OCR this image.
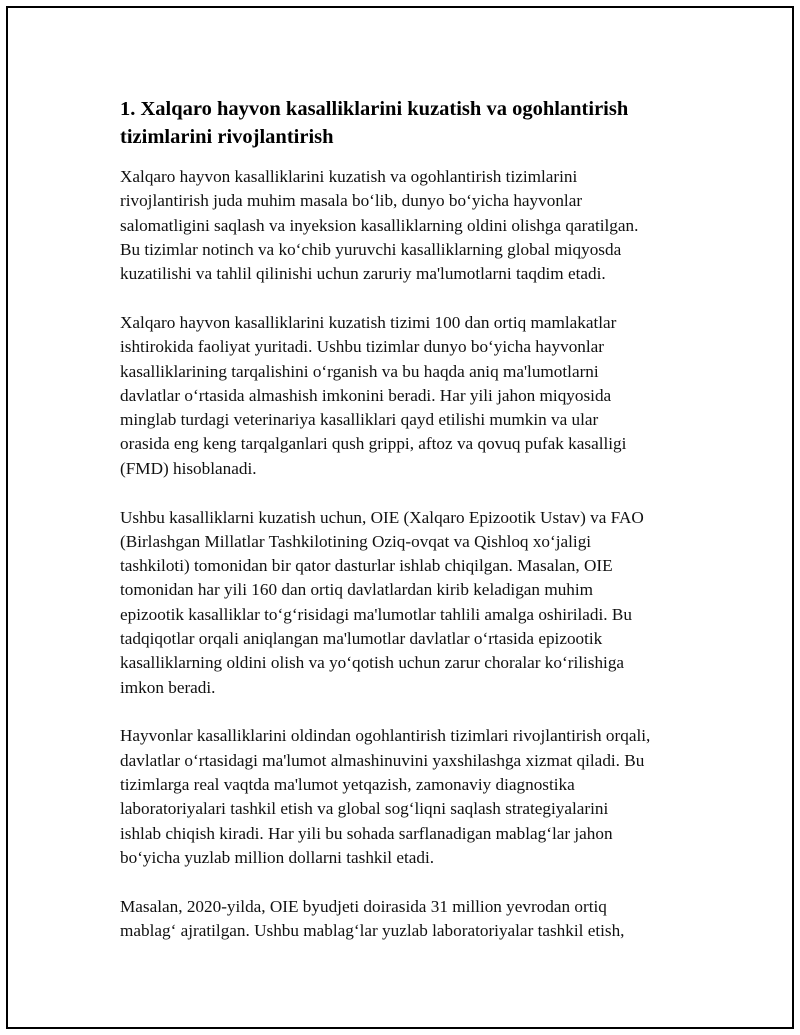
1. Xalqaro hayvon kasalliklarini kuzatish va ogohlantirish
tizimlarini rivojlantirish

Xalqaro hayvon kasalliklarini kuzatish va ogohlantirish tizimlarini
rivojlantirish juda muhim masala bo‘lib, dunyo bo‘yicha hayvonlar
salomatligini saqlash va inyeksion kasalliklarning oldini olishga qaratilgan.
Bu tizimlar notinch va ko‘chib yuruvchi kasalliklarning global miqyosda
kuzatilishi va tahlil qilinishi uchun zaruriy ma'lumotlarni taqdim etadi.

Xalqaro hayvon kasalliklarini kuzatish tizimi 100 dan ortiq mamlakatlar
ishtirokida faoliyat yuritadi. Ushbu tizimlar dunyo bo‘yicha hayvonlar
kasalliklarining tarqalishini o‘rganish va bu haqda aniq ma'lumotlarni
davlatlar o‘rtasida almashish imkonini beradi. Har yili jahon miqyosida
minglab turdagi veterinariya kasalliklari qayd etilishi mumkin va ular
orasida eng keng tarqalganlari qush grippi, aftoz va qovuq pufak kasalligi
(FMD) hisoblanadi.

Ushbu kasalliklarni kuzatish uchun, OIE (Xalqaro Epizootik Ustav) va FAO
(Birlashgan Millatlar Tashkilotining Oziq-ovqat va Qishloq xo‘jaligi
tashkiloti) tomonidan bir qator dasturlar ishlab chiqilgan. Masalan, OIE
tomonidan har yili 160 dan ortiq davlatlardan kirib keladigan muhim
epizootik kasalliklar to‘g‘risidagi ma'lumotlar tahlili amalga oshiriladi. Bu
tadqiqotlar orqali aniqlangan ma'lumotlar davlatlar o‘rtasida epizootik
kasalliklarning oldini olish va yo‘qotish uchun zarur choralar ko‘rilishiga
imkon beradi.

Hayvonlar kasalliklarini oldindan ogohlantirish tizimlari rivojlantirish orqali,
davlatlar o‘rtasidagi ma'lumot almashinuvini yaxshilashga xizmat qiladi. Bu
tizimlarga real vaqtda ma'lumot yetqazish, zamonaviy diagnostika
laboratoriyalari tashkil etish va global sog‘liqni saqlash strategiyalarini
ishlab chiqish kiradi. Har yili bu sohada sarflanadigan mablag‘lar jahon
bo‘yicha yuzlab million dollarni tashkil etadi.

Masalan, 2020-yilda, OIE byudjeti doirasida 31 million yevrodan ortiq
mablag‘ ajratilgan. Ushbu mablag‘lar yuzlab laboratoriyalar tashkil etish,
